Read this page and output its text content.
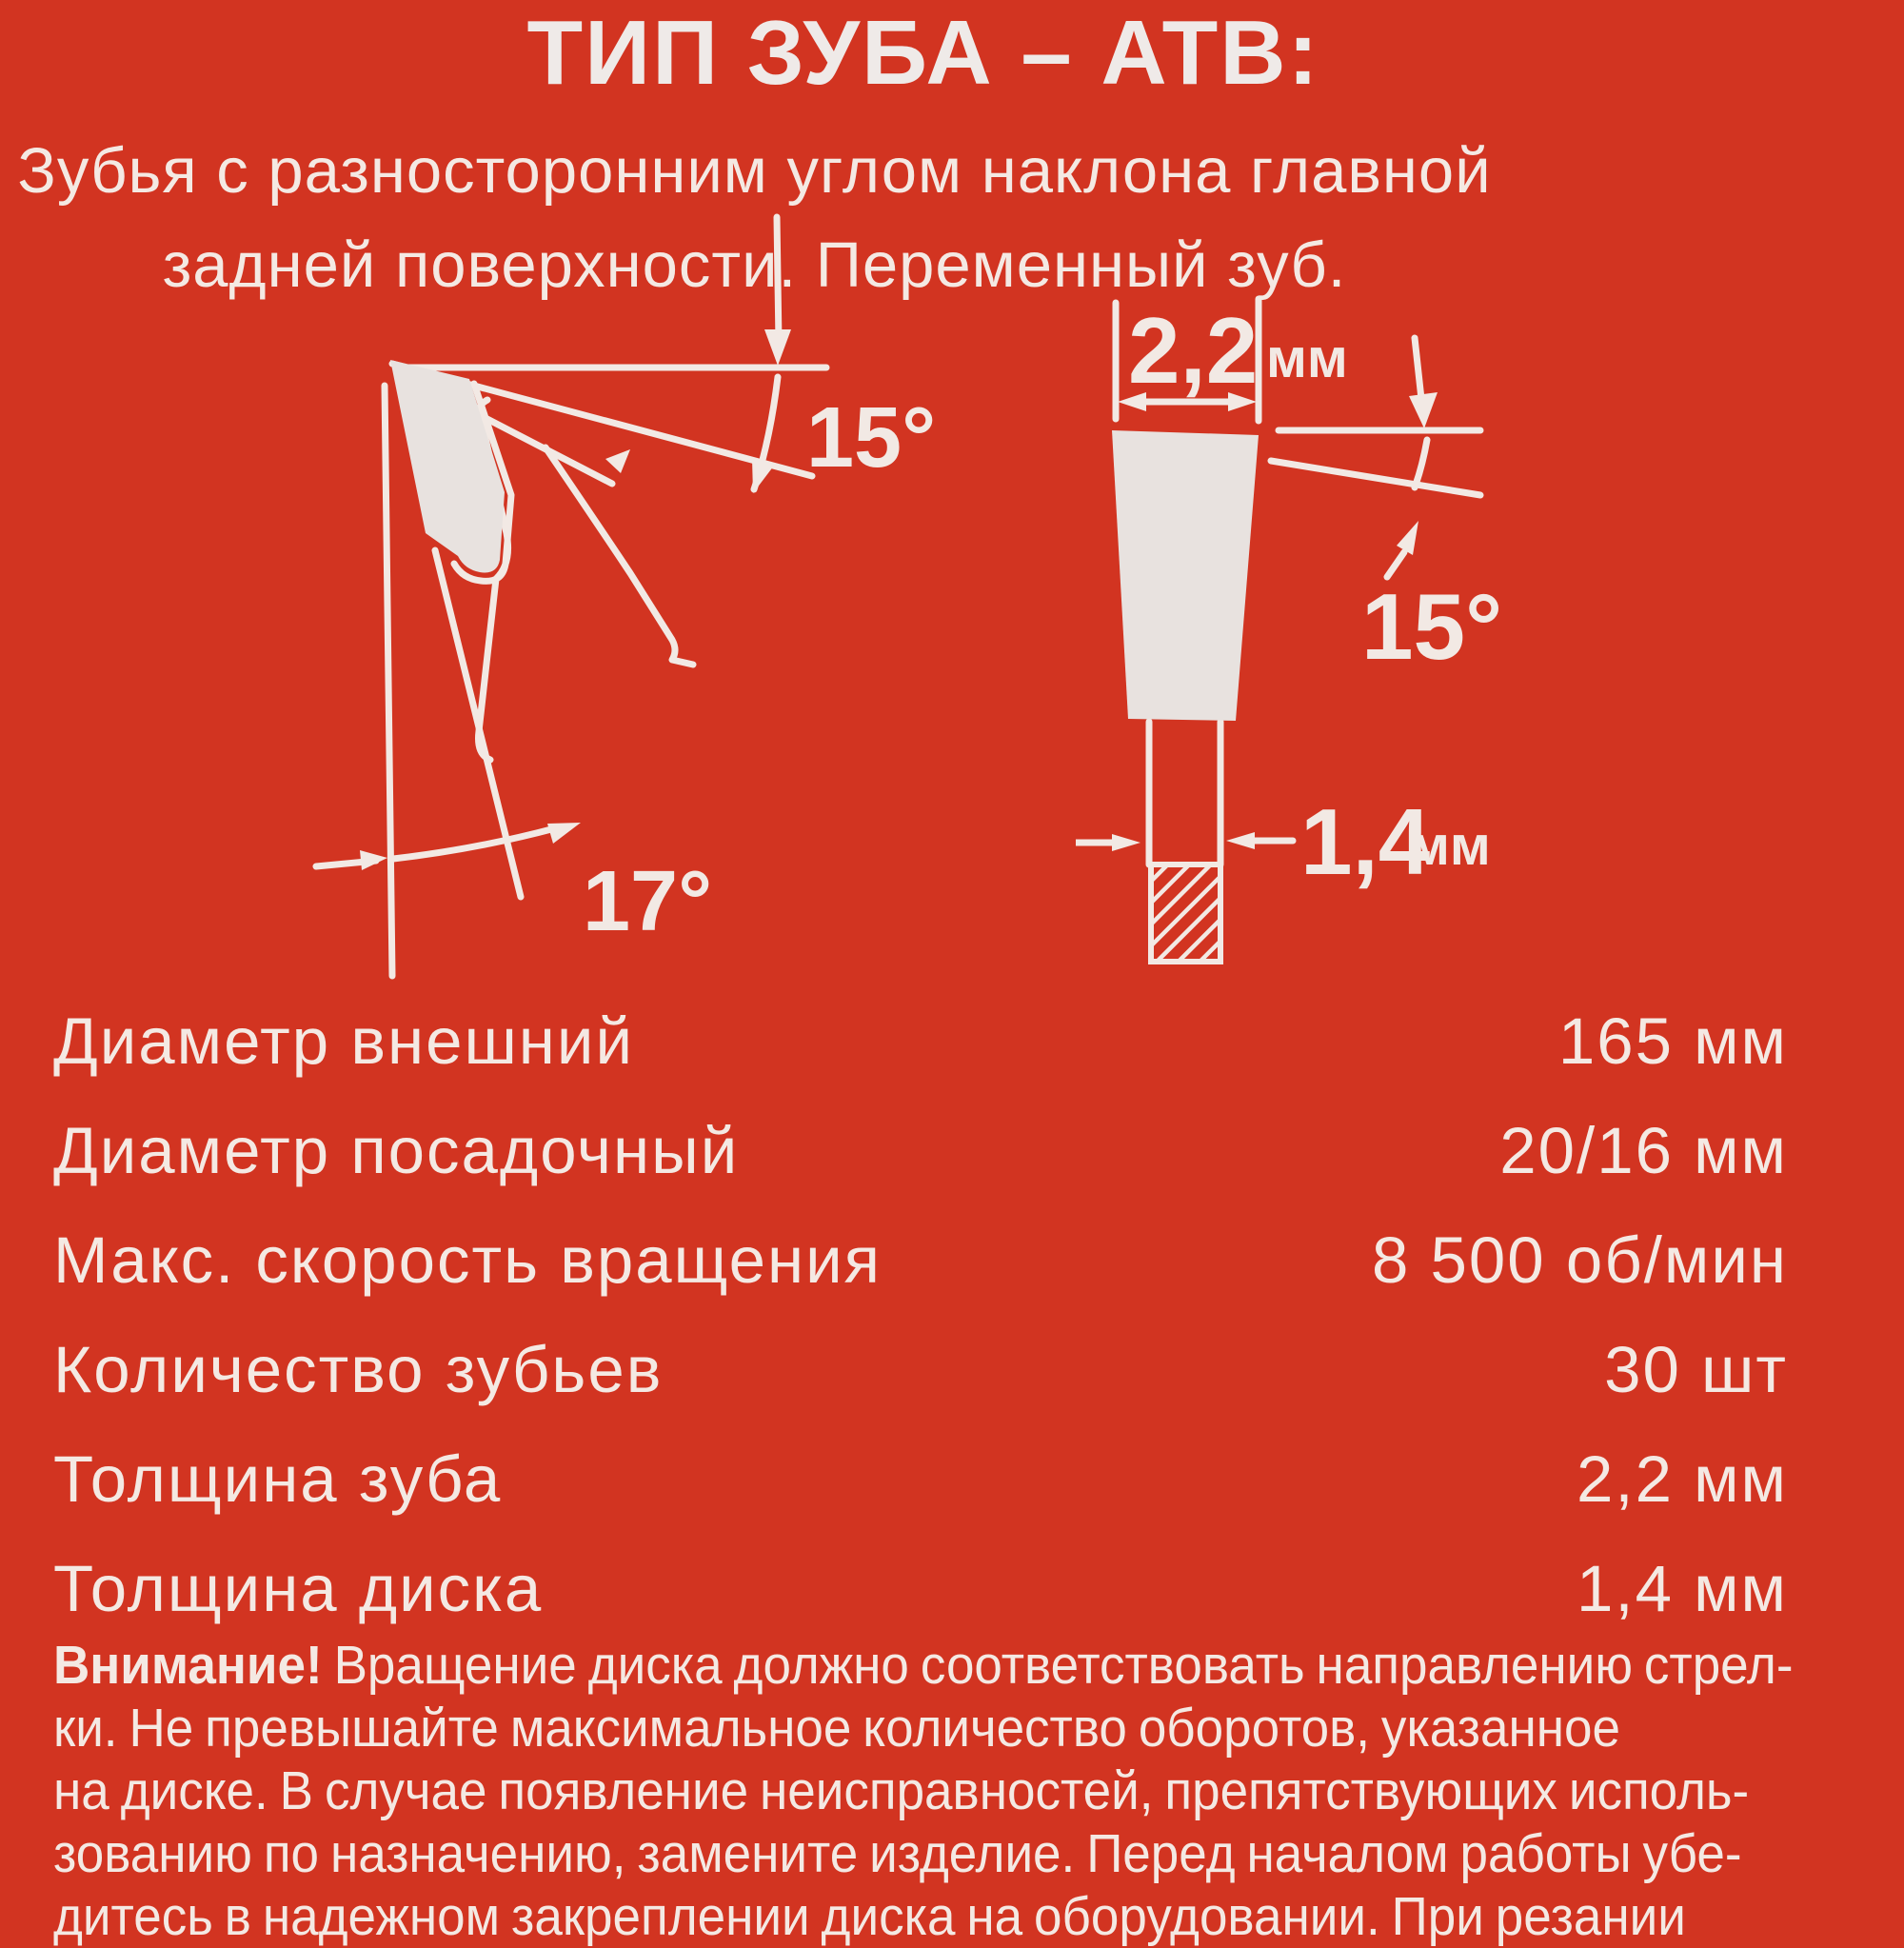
ТИП ЗУБА – ATB:
Зубья с разносторонним углом наклона главной
задней поверхности. Переменный зуб.
15°
17°
2,2 мм
1,4
мм
15°
Диаметр внешний	165 мм
Диаметр посадочный	20/16 мм
Макс. скорость вращения	8 500 об/мин
Количество зубьев	30 шт
Толщина зуба	2,2 мм
Толщина диска	1,4 мм
Внимание! Вращение диска должно соответствовать направлению стрел-
ки. Не превышайте максимальное количество оборотов, указанное
на диске. В случае появление неисправностей, препятствующих исполь-
зованию по назначению, замените изделие. Перед началом работы убе-
дитесь в надежном закреплении диска на оборудовании. При резании
